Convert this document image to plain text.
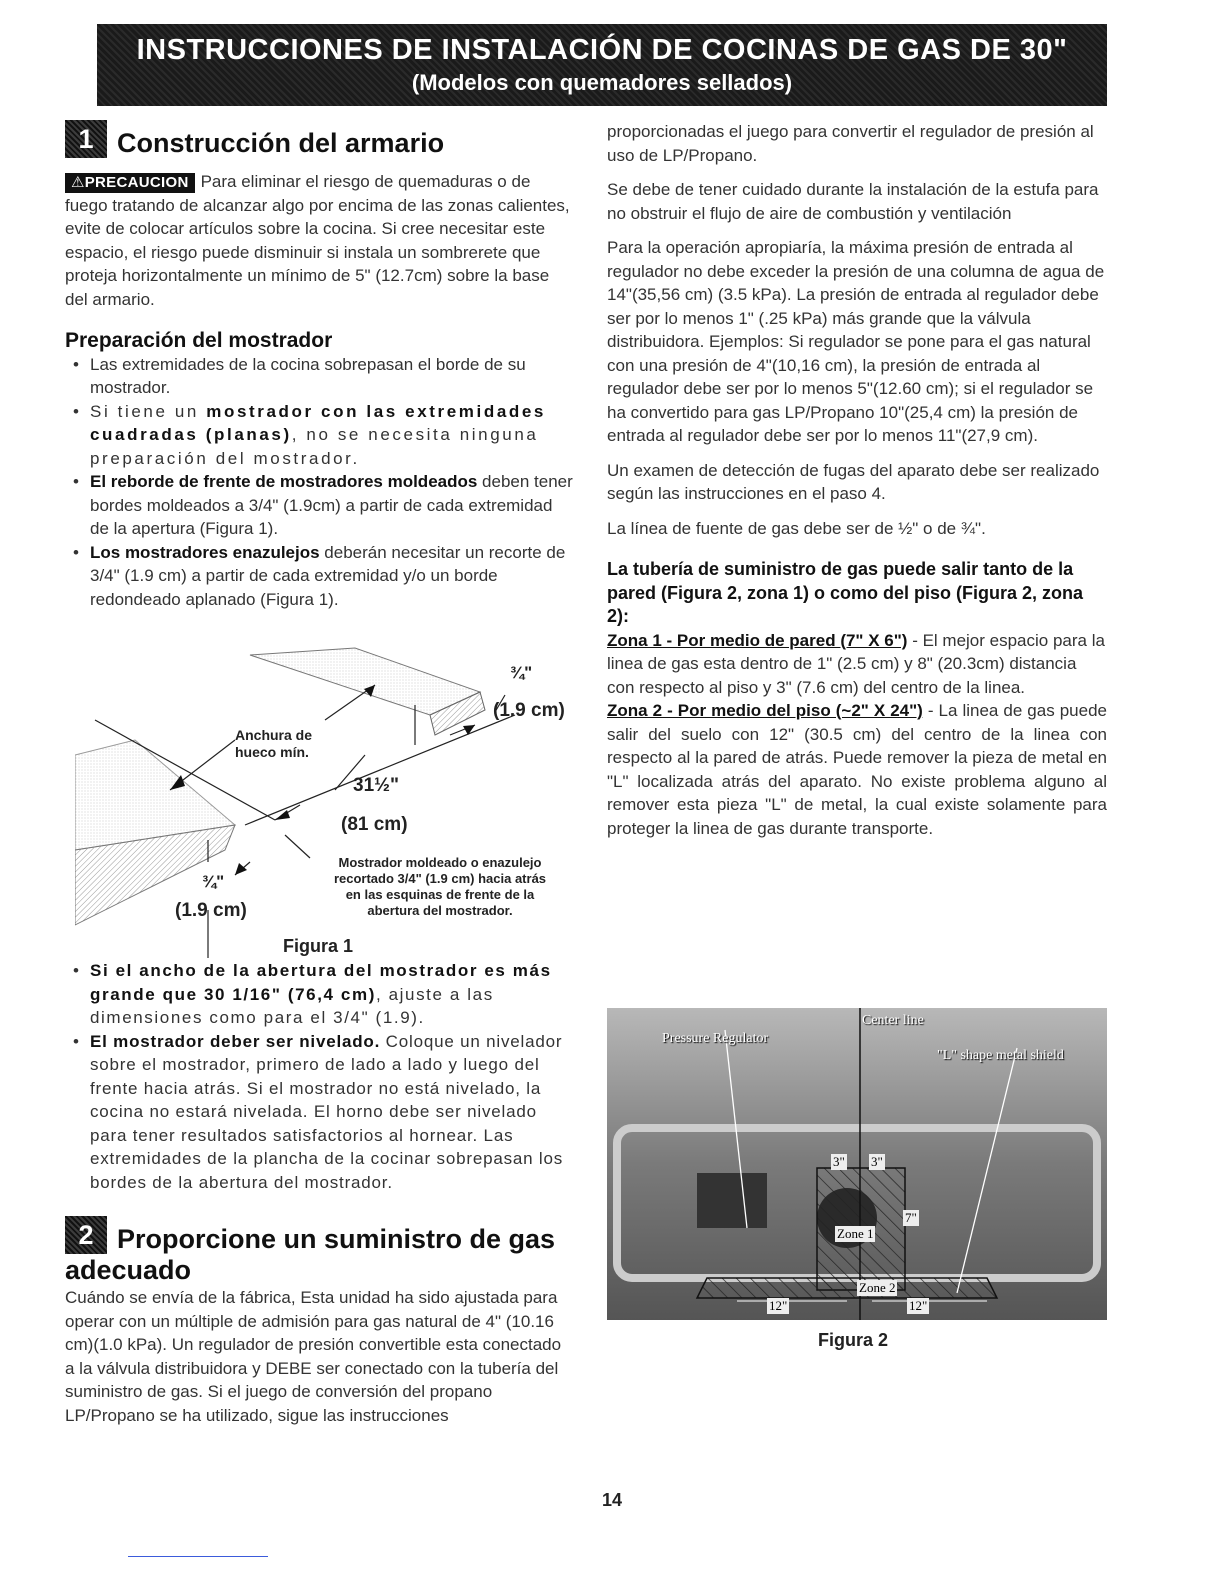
INSTRUCCIONES DE INSTALACIÓN DE COCINAS DE GAS DE 30"
(Modelos con quemadores sellados)
1 Construcción del armario
⚠PRECAUCION Para eliminar el riesgo de quemaduras o de fuego tratando de alcanzar algo por encima de las zonas calientes, evite de colocar artículos sobre la cocina. Si cree necesitar este espacio, el riesgo puede disminuir si instala un sombrerete que proteja horizontalmente un mínimo de 5" (12.7cm) sobre la base del armario.
Preparación del mostrador
• Las extremidades de la cocina sobrepasan el borde de su mostrador.
• Si tiene un mostrador con las extremidades cuadradas (planas), no se necesita ninguna preparación del mostrador.
• El reborde de frente de mostradores moldeados deben tener bordes moldeados a 3/4" (1.9cm) a partir de cada extremidad de la apertura (Figura 1).
• Los mostradores enazulejos deberán necesitar un recorte de 3/4" (1.9 cm) a partir de cada extremidad y/o un borde redondeado aplanado (Figura 1).
• Si el ancho de la abertura del mostrador es más grande que 30 1/16" (76,4 cm), ajuste a las dimensiones como para el 3/4" (1.9).
• El mostrador deber ser nivelado. Coloque un nivelador sobre el mostrador, primero de lado a lado y luego del frente hacia atrás. Si el mostrador no está nivelado, la cocina no estará nivelada. El horno debe ser nivelado para tener resultados satisfactorios al hornear. Las extremidades de la plancha de la cocinar sobrepasan los bordes de la abertura del mostrador.
2 Proporcione un suministro de gas
adecuado
Cuándo se envía de la fábrica, Esta unidad ha sido ajustada para operar con un múltiple de admisión para gas natural de 4" (10.16 cm)(1.0 kPa). Un regulador de presión convertible esta conectado a la válvula distribuidora y DEBE ser conectado con la tubería del suministro de gas. Si el juego de conversión del propano LP/Propano se ha utilizado, sigue las instrucciones
Anchura de
hueco mín.
¾"
(1.9 cm)
31½"
(81 cm)
¾"
(1.9 cm)
Mostrador moldeado o enazulejo
recortado 3/4" (1.9 cm) hacia atrás
en las esquinas de frente de la
abertura del mostrador.
Figura 1

proporcionadas el juego para convertir el regulador de presión al uso de LP/Propano.

Se debe de tener cuidado durante la instalación de la estufa para no obstruir el flujo de aire de combustión y ventilación

Para la operación apropiaría, la máxima presión de entrada al regulador no debe exceder la presión de una columna de agua de 14"(35,56 cm) (3.5 kPa). La presión de entrada al regulador debe ser por lo menos 1" (.25 kPa) más grande que la válvula distribuidora. Ejemplos: Si regulador se pone para el gas natural con una presión de 4"(10,16 cm), la presión de entrada al regulador debe ser por lo menos 5"(12.60 cm); si el regulador se ha convertido para gas LP/Propano 10"(25,4 cm) la presión de entrada al regulador debe ser por lo menos 11"(27,9 cm).

Un examen de detección de fugas del aparato debe ser realizado según las instrucciones en el paso 4.

La línea de fuente de gas debe ser de ½" o de ¾".

La tubería de suministro de gas puede salir tanto de la pared (Figura 2, zona 1) o como del piso (Figura 2, zona 2):
Zona 1 - Por medio de pared (7" X 6") - El mejor espacio para la linea de gas esta dentro de 1" (2.5 cm) y 8" (20.3cm) distancia con respecto al piso y 3" (7.6 cm) del centro de la linea.
Zona 2 - Por medio del piso (~2" X 24") - La linea de gas puede salir del suelo con 12" (30.5 cm) del centro de la linea con respecto al la pared de atrás. Puede remover la pieza de metal en "L" localizada atrás del aparato. No existe problema alguno al remover esta pieza "L" de metal, la cual existe solamente para proteger la linea de gas durante transporte.
Pressure Regulator
Center line
"L" shape metal shield
3" 3"
Zone 1
7"
Zone 2
12"	12"
Figura 2
14
